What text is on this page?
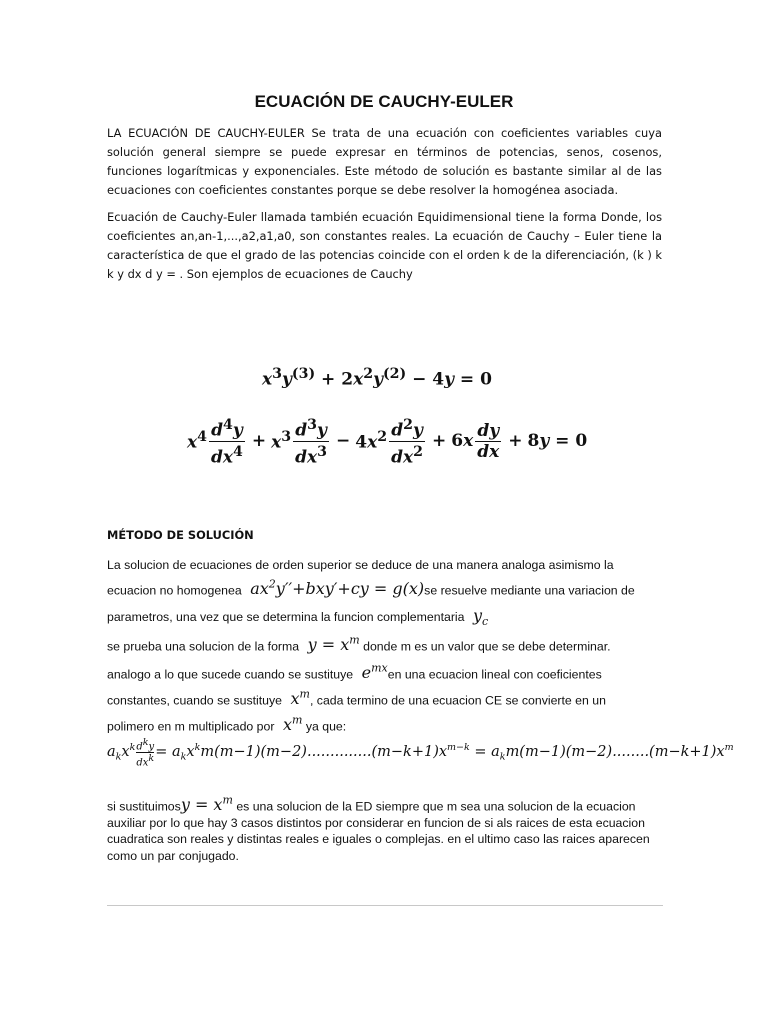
ECUACIÓN DE CAUCHY-EULER

LA ECUACIÓN DE CAUCHY-EULER Se trata de una ecuación con coeficientes variables cuya solución general siempre se puede expresar en términos de potencias, senos, cosenos, funciones logarítmicas y exponenciales. Este método de solución es bastante similar al de las ecuaciones con coeficientes constantes porque se debe resolver la homogénea asociada.

Ecuación de Cauchy-Euler llamada también ecuación Equidimensional tiene la forma Donde, los coeficientes an,an-1,...,a2,a1,a0, son constantes reales. La ecuación de Cauchy – Euler tiene la característica de que el grado de las potencias coincide con el orden k de la diferenciación, (k ) k k y dx d y = . Son ejemplos de ecuaciones de Cauchy

$x^3y^{(3)} + 2x^2y^{(2)} - 4y = 0$
$x^4 \frac{d^4y}{dx^4} + x^3 \frac{d^3y}{dx^3} - 4x^2 \frac{d^2y}{dx^2} + 6x \frac{dy}{dx} + 8y = 0$
MÉTODO DE SOLUCIÓN
La solucion de ecuaciones de orden superior se deduce de una manera analoga asimismo la
ecuacion no homogenea  $ax^2y''+bxy'+cy = g(x)se$ resuelve mediante una variacion de
parametros, una vez que se determina la funcion complementaria  $y_c$
se prueba una solucion de la forma  $y = x^m$ donde m es un valor que se debe determinar.
analogo a lo que sucede cuando se sustituye  $e^{mx}en$ una ecuacion lineal con coeficientes
constantes, cuando se sustituye  $x^m$, cada termino de una ecuacion CE se convierte en un
polimero en m multiplicado por  $x^m$ ya que:
$a_kx^k \frac{d^ky}{dx^k} = a_kx^km(m-1)(m-2)..............(m-k+1)x^{m-k} = a_km(m-1)(m-2)........(m-k+1)x^m$

si sustituimosy = $x^m$ es una solucion de la ED siempre que m sea una solucion de la ecuacion auxiliar por lo que hay 3 casos distintos por considerar en funcion de si als raices de esta ecuacion cuadratica son reales y distintas reales e iguales o complejas. en el ultimo caso las raices aparecen como un par conjugado.
